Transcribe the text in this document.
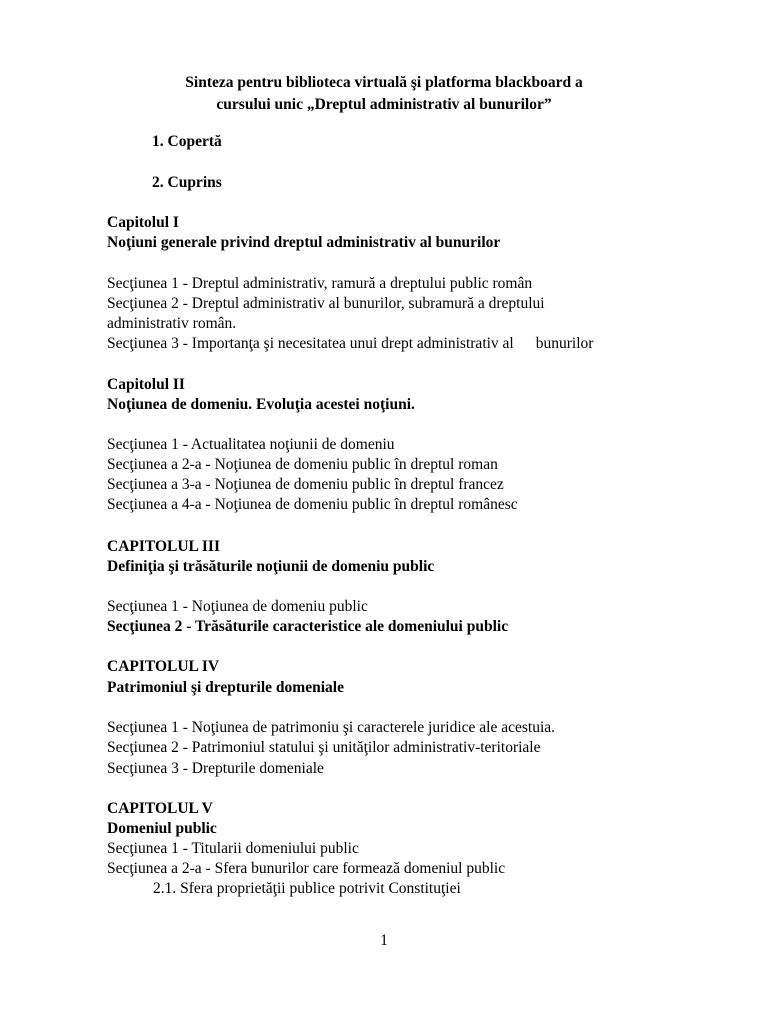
Sinteza pentru biblioteca virtuală şi platforma blackboard a
cursului unic „Dreptul administrativ al bunurilor”
1. Copertă
2. Cuprins
Capitolul I
Noţiuni generale privind dreptul administrativ al bunurilor
Secţiunea 1 - Dreptul administrativ, ramură a dreptului public român
Secţiunea 2 - Dreptul administrativ al bunurilor, subramură a dreptului
administrativ român.
Secţiunea 3 - Importanţa şi necesitatea unui drept administrativ al bunurilor
Capitolul II
Noţiunea de domeniu. Evoluţia acestei noţiuni.
Secţiunea 1 - Actualitatea noţiunii de domeniu
Secţiunea a 2-a - Noţiunea de domeniu public în dreptul roman
Secţiunea a 3-a - Noţiunea de domeniu public în dreptul francez
Secţiunea a 4-a - Noţiunea de domeniu public în dreptul românesc
CAPITOLUL III
Definiţia şi trăsăturile noţiunii de domeniu public
Secţiunea 1 - Noţiunea de domeniu public
Secţiunea 2 - Trăsăturile caracteristice ale domeniului public
CAPITOLUL IV
Patrimoniul şi drepturile domeniale
Secţiunea 1 - Noţiunea de patrimoniu şi caracterele juridice ale acestuia.
Secţiunea 2 - Patrimoniul statului şi unităţilor administrativ-teritoriale
Secţiunea 3 - Drepturile domeniale
CAPITOLUL V
Domeniul public
Secţiunea 1 - Titularii domeniului public
Secţiunea a 2-a - Sfera bunurilor care formează domeniul public
2.1. Sfera proprietăţii publice potrivit Constituţiei
1
